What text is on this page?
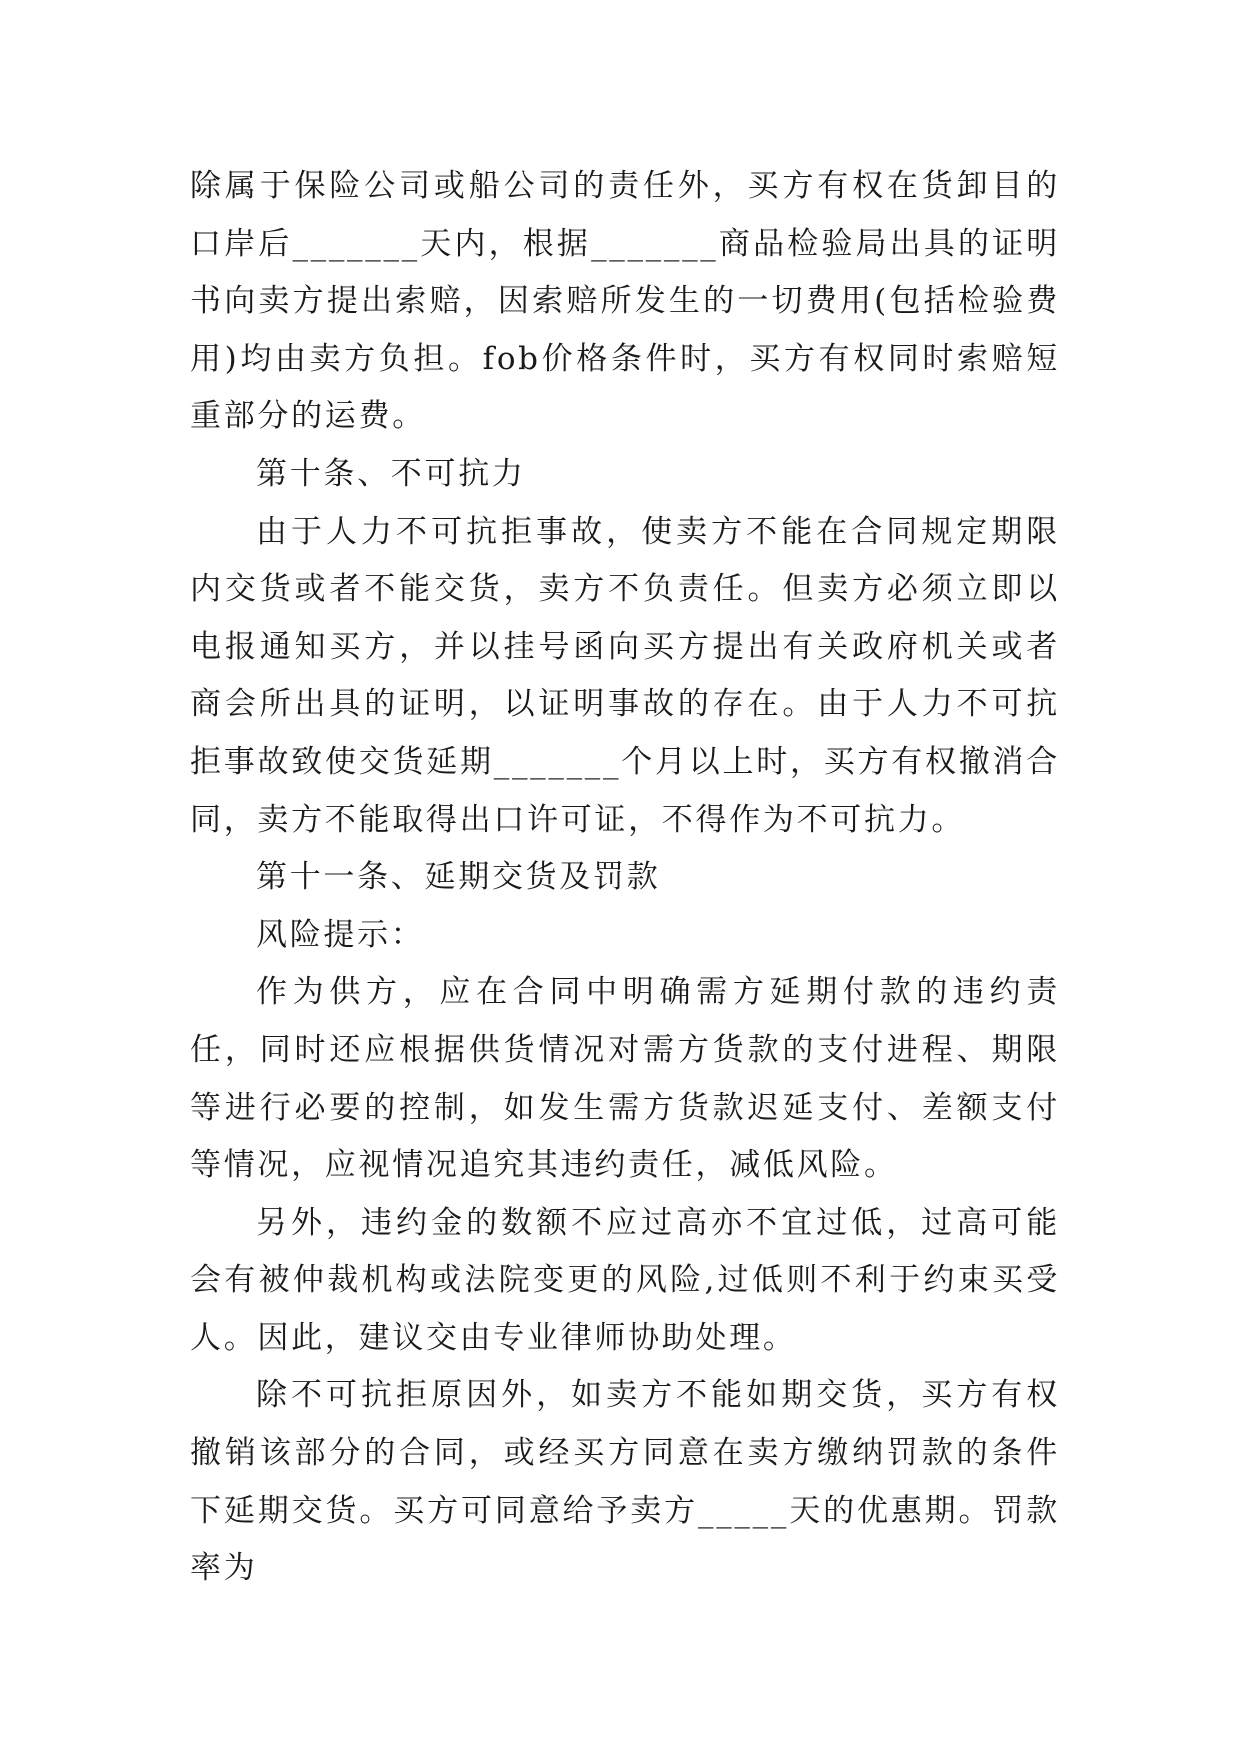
除属于保险公司或船公司的责任外，买方有权在货卸目的口岸后_______天内，根据_______商品检验局出具的证明书向卖方提出索赔，因索赔所发生的一切费用(包括检验费用)均由卖方负担。fob价格条件时，买方有权同时索赔短重部分的运费。

第十条、不可抗力

由于人力不可抗拒事故，使卖方不能在合同规定期限内交货或者不能交货，卖方不负责任。但卖方必须立即以电报通知买方，并以挂号函向买方提出有关政府机关或者商会所出具的证明，以证明事故的存在。由于人力不可抗拒事故致使交货延期_______个月以上时，买方有权撤消合同，卖方不能取得出口许可证，不得作为不可抗力。

第十一条、延期交货及罚款

风险提示：

作为供方，应在合同中明确需方延期付款的违约责任，同时还应根据供货情况对需方货款的支付进程、期限等进行必要的控制，如发生需方货款迟延支付、差额支付等情况，应视情况追究其违约责任，减低风险。

另外，违约金的数额不应过高亦不宜过低，过高可能会有被仲裁机构或法院变更的风险,过低则不利于约束买受人。因此，建议交由专业律师协助处理。

除不可抗拒原因外，如卖方不能如期交货，买方有权撤销该部分的合同，或经买方同意在卖方缴纳罚款的条件下延期交货。买方可同意给予卖方_____天的优惠期。罚款率为
